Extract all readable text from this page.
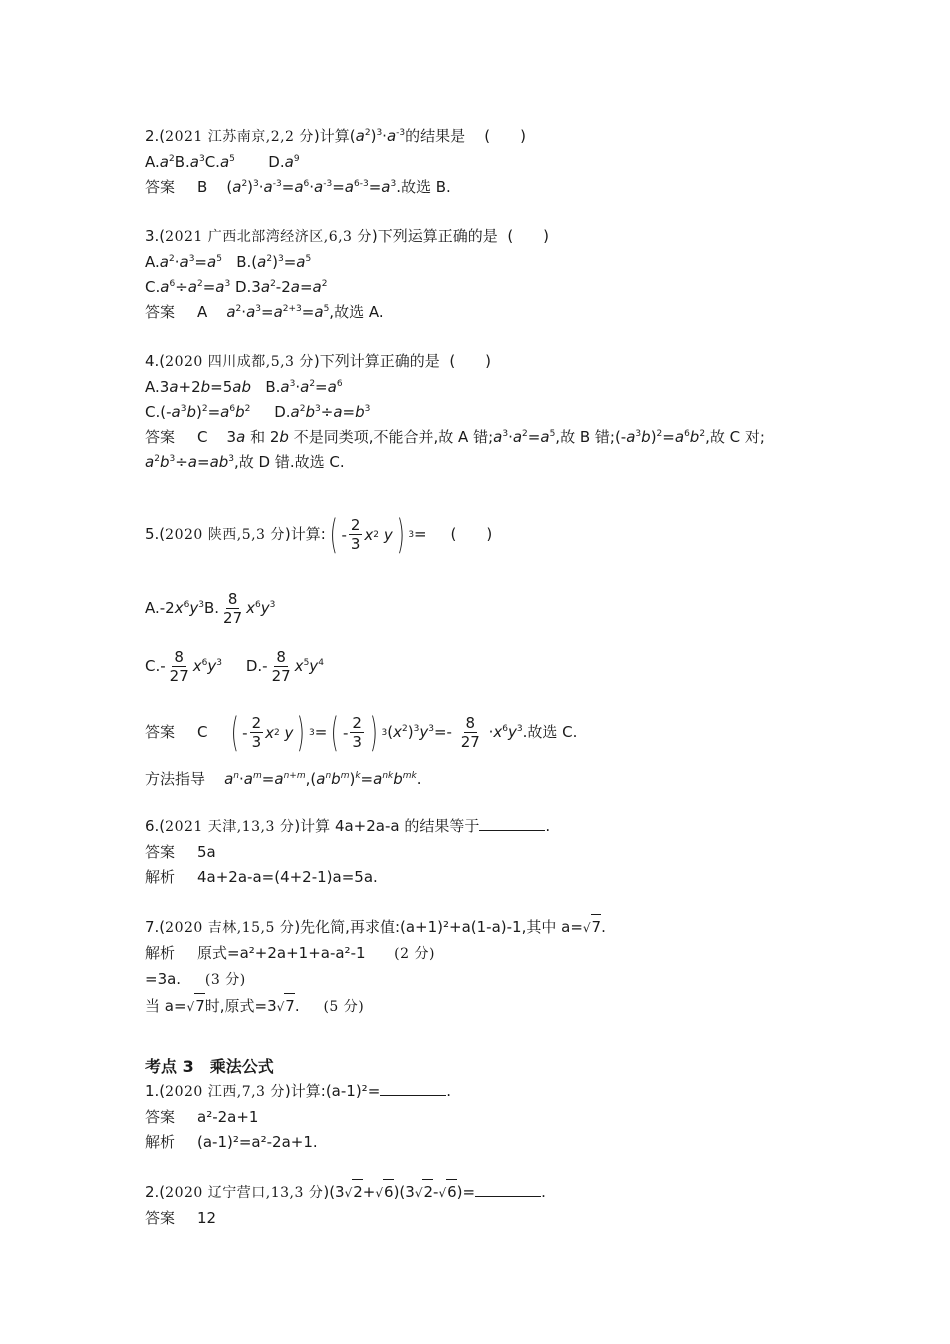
2.(2021 江苏南京,2,2 分)计算$(a^2)^3\cdot a^{-3}$的结果是 (　　)
$A.a^2B.a^3C.a^5$ $D.a^9$
答案 B    $(a^2)^3\cdot a^{-3}=a^6\cdot a^{-3}=a^{6-3}=a^3$.故选 B.
3.(2021 广西北部湾经济区,6,3 分)下列运算正确的是 (　　)
$A.a^2\cdot a^3=a^5$   $B.(a^2)^3=a^5$
$C.a^6\div a^2=a^3$ $D.3a^2-2a=a^2$
答案 A $a^2\cdot a^3=a^{2+3}=a^5$,故选 A.
4.(2020 四川成都,5,3 分)下列计算正确的是 (　　)
A.3a+2b=5ab   $B.a^3\cdot a^2=a^6$
$C.(-a^3b)^2=a^6b^2$     $D.a^2b^3\div a=b^3$
答案 C    3a 和 2b 不是同类项,不能合并,故 A 错$;a^3\cdot a^2=a^5$,故 B 错$;(-a^3b)^2=a^6b^2$,故 C 对;
$a^2b^3\div a=ab^3$,故 D 错.故选 C.
5.(2020 陕西,5,3 分)计算: ( - $\frac{2}{3}$ x 2
y ) 3 =     (　　)
$A.-2x^6y^3B$. $\frac{8}{27} x^6y^3$
$C.- \frac{8}{27} x^6y^3$     $D.- \frac{8}{27} x^5y^4$
答案 C ( - $\frac{2}{3}$ x 2
y ) 3 = ( - $\frac{2}{3}$ ) 3 $(x^2)^3y^3=- \frac{8}{27} \cdot x^6y^3$.故选 C.
方法指导 $a^n\cdot a^m=a^{n+m},(a^nb^m)^k=a^{nk}b^{mk}$.
6.(2021 天津,13,3 分)计算 4a+2a-a 的结果等于	.
答案 5a
解析 4a+2a-a=(4+2-1)a=5a.
7.(2020 吉林,15,5 分)先化简,再求值:(a+1)²+a(1-a)-1,其中 a=√7.
解析 原式=a²+2a+1+a-a²-1 (2 分)
=3a. (3 分)
当 a=√7时,原式=3√7.     (5 分)
考点 3　乘法公式
1.(2020 江西,7,3 分)计算:(a-1)²=	.
答案 a²-2a+1
解析 (a-1)²=a²-2a+1.
2.(2020 辽宁营口,13,3 分)(3√2+√6)(3√2-√6)=	.
答案 12
